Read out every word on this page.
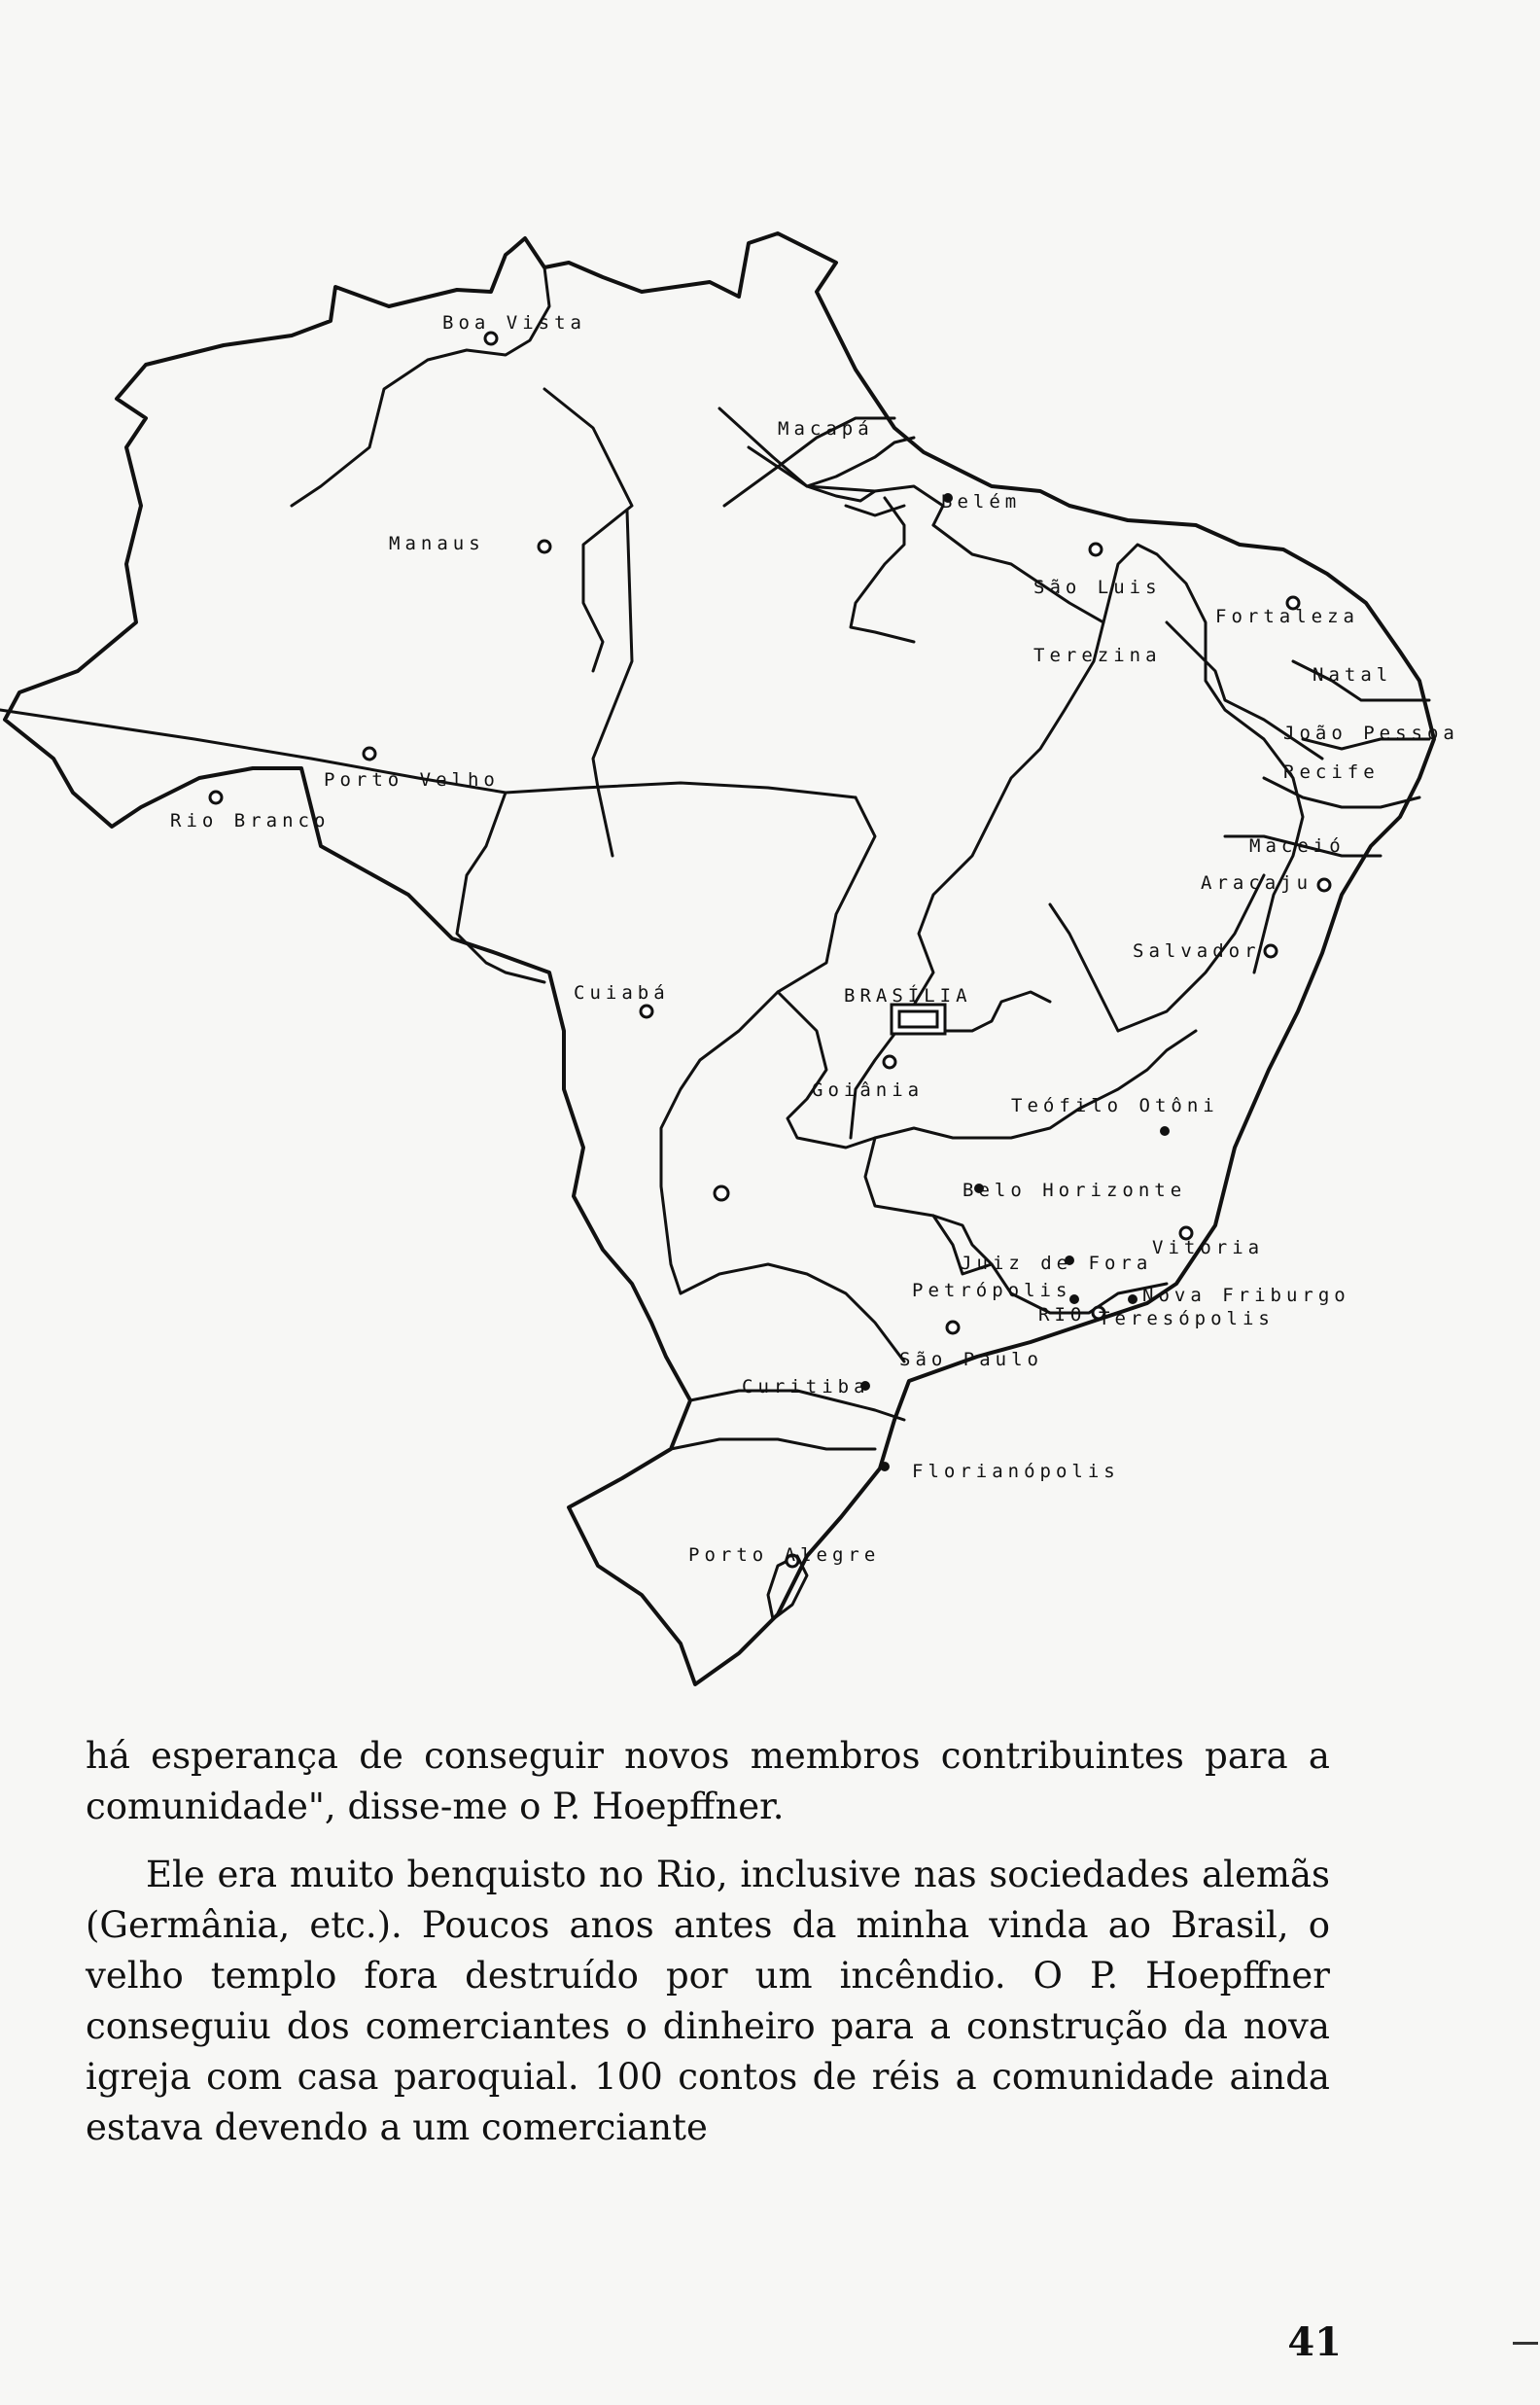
Boa Vista
Macapá
Manaus
Belém
São Luis
Fortaleza
Terezina
Natal
João Pessoa
Recife
Porto Velho
Rio Branco
Maceió
Aracaju
Salvador
Cuiabá	BRASÍLIA
Goiânia
Teófilo Otôni
Belo Horizonte
Vitória
Juiz de Fora
Petrópolis	Nova Friburgo
RIO Teresópolis
São Paulo
Curitiba
Florianópolis
Porto Alegre

há esperança de conseguir novos membros contribuintes para a comunidade", disse-me o P. Hoepffner.

Ele era muito benquisto no Rio, inclusive nas sociedades alemãs (Germânia, etc.). Poucos anos antes da minha vinda ao Brasil, o velho templo fora destruído por um incêndio. O P. Hoepffner conseguiu dos comerciantes o dinheiro para a construção da nova igreja com casa paroquial. 100 contos de réis a comunidade ainda estava devendo a um comerciante

41
